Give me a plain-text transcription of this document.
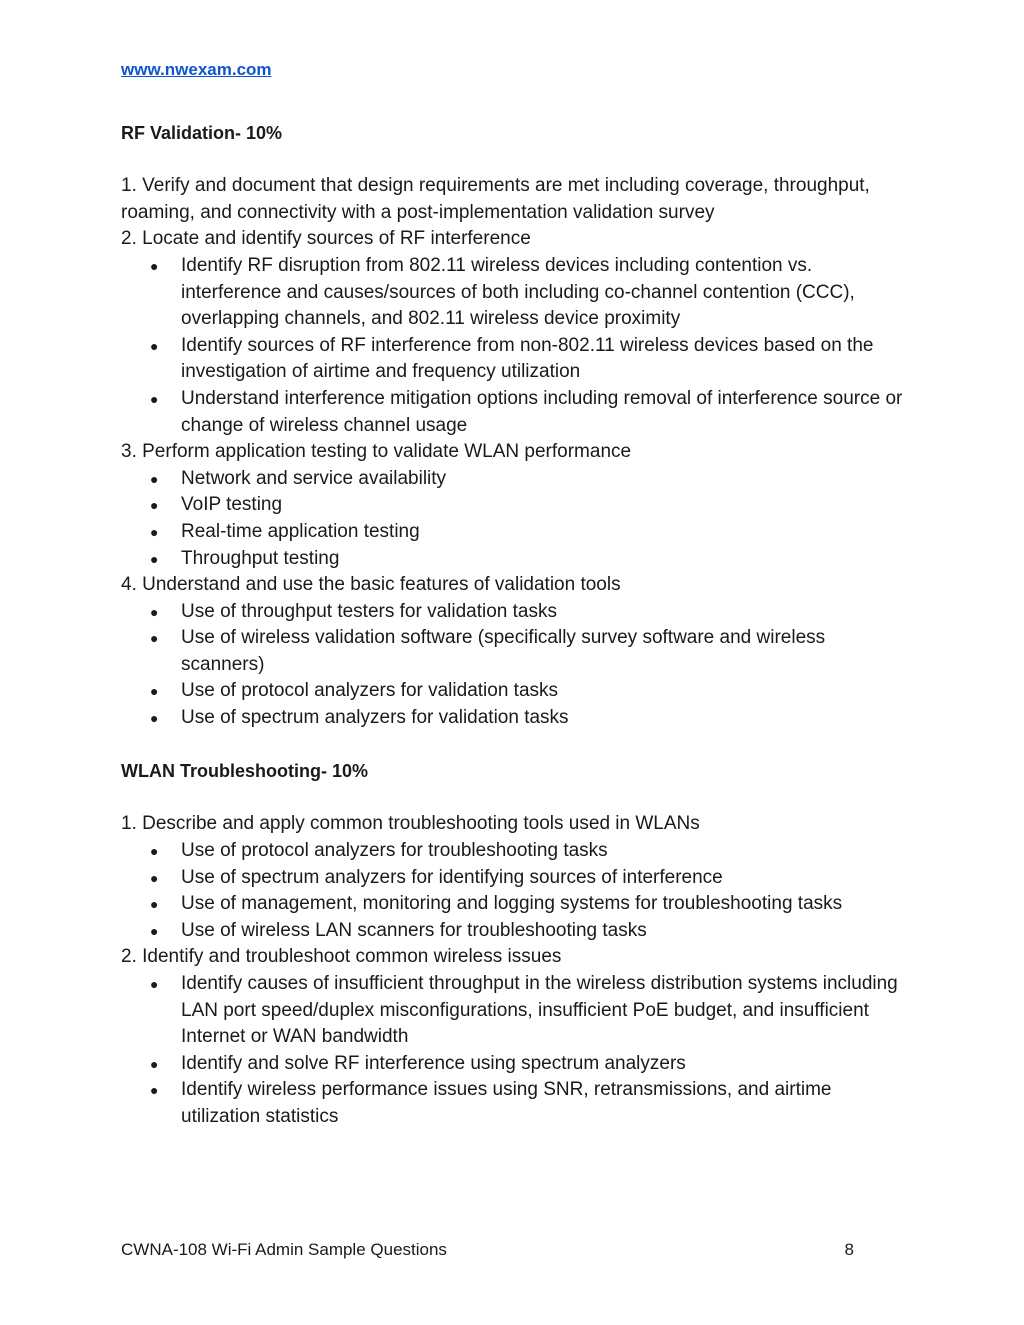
www.nwexam.com
RF Validation- 10%
1. Verify and document that design requirements are met including coverage, throughput, roaming, and connectivity with a post-implementation validation survey
2. Locate and identify sources of RF interference
● Identify RF disruption from 802.11 wireless devices including contention vs. interference and causes/sources of both including co-channel contention (CCC), overlapping channels, and 802.11 wireless device proximity
● Identify sources of RF interference from non-802.11 wireless devices based on the investigation of airtime and frequency utilization
● Understand interference mitigation options including removal of interference source or change of wireless channel usage
3. Perform application testing to validate WLAN performance
● Network and service availability
● VoIP testing
● Real-time application testing
● Throughput testing
4. Understand and use the basic features of validation tools
● Use of throughput testers for validation tasks
● Use of wireless validation software (specifically survey software and wireless scanners)
● Use of protocol analyzers for validation tasks
● Use of spectrum analyzers for validation tasks
WLAN Troubleshooting- 10%
1. Describe and apply common troubleshooting tools used in WLANs
● Use of protocol analyzers for troubleshooting tasks
● Use of spectrum analyzers for identifying sources of interference
● Use of management, monitoring and logging systems for troubleshooting tasks
● Use of wireless LAN scanners for troubleshooting tasks
2. Identify and troubleshoot common wireless issues
● Identify causes of insufficient throughput in the wireless distribution systems including LAN port speed/duplex misconfigurations, insufficient PoE budget, and insufficient Internet or WAN bandwidth
● Identify and solve RF interference using spectrum analyzers
● Identify wireless performance issues using SNR, retransmissions, and airtime utilization statistics
CWNA-108 Wi-Fi Admin Sample Questions	8
